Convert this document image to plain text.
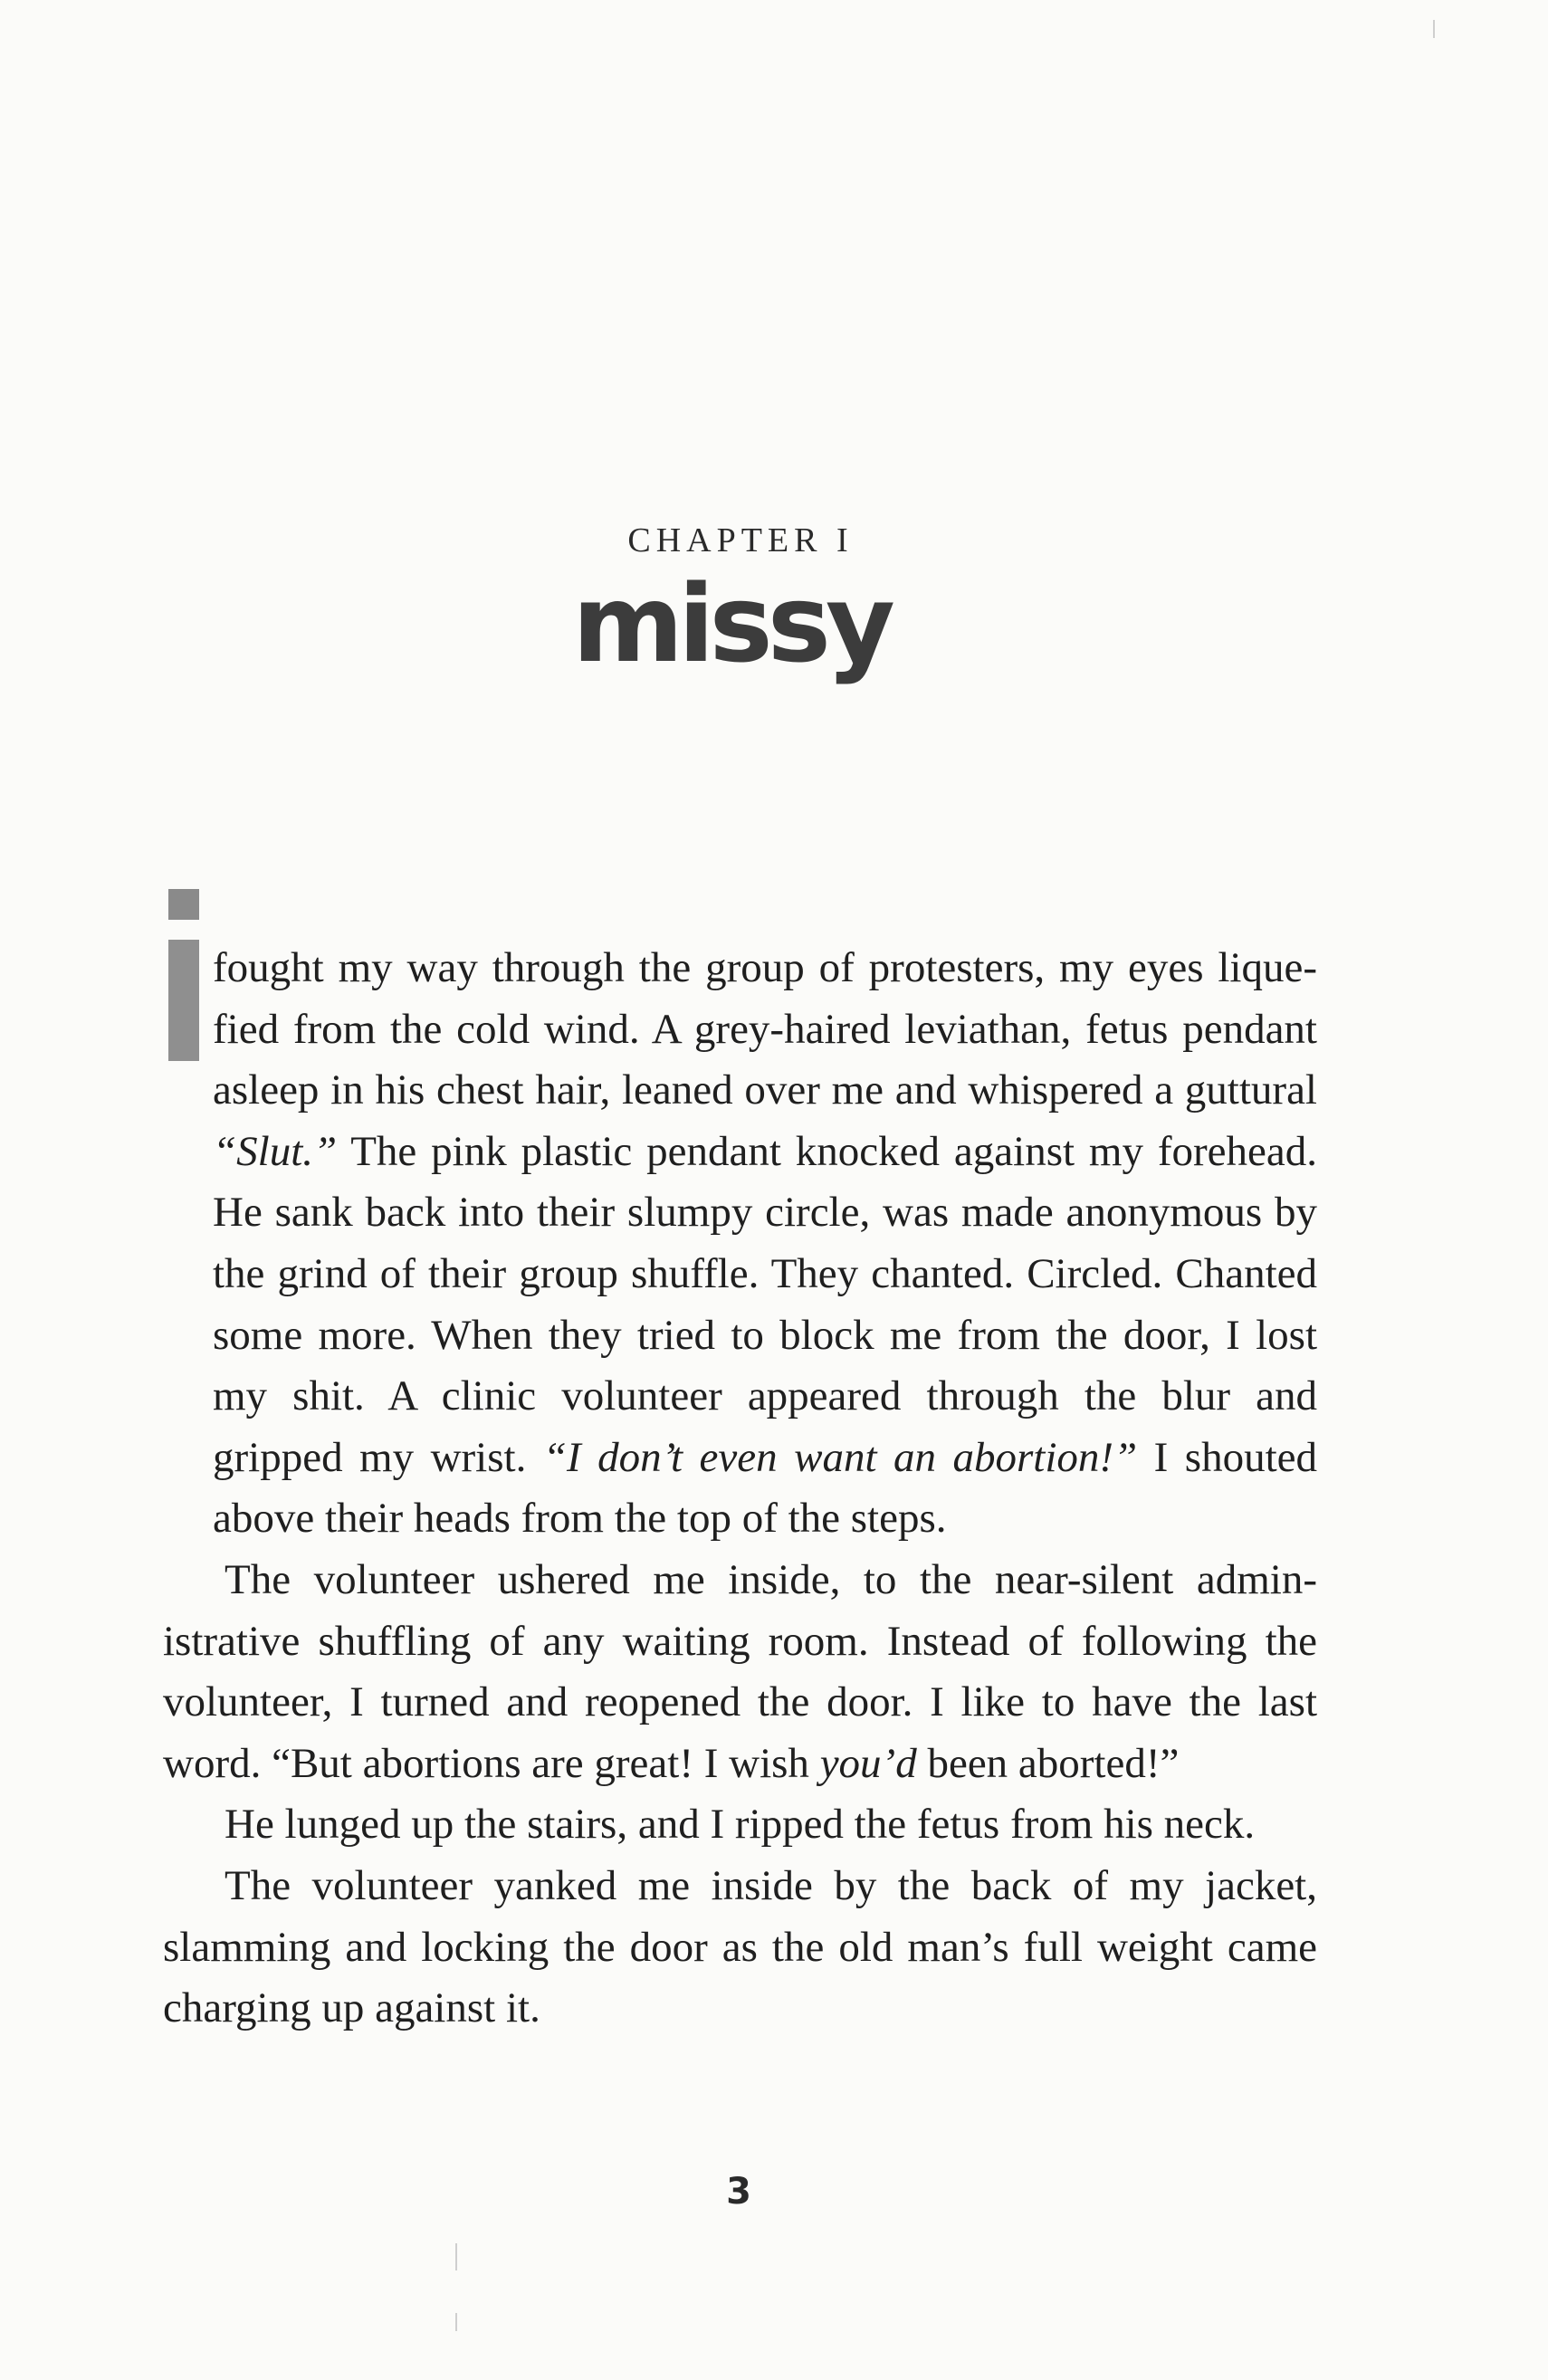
CHAPTER I
missy

fought my way through the group of protesters, my eyes lique- fied from the cold wind. A grey-haired leviathan, fetus pendant asleep in his chest hair, leaned over me and whispered a guttural “Slut.” The pink plastic pendant knocked against my forehead. He sank back into their slumpy circle, was made anonymous by the grind of their group shuffle. They chanted. Circled. Chanted some more. When they tried to block me from the door, I lost my shit. A clinic volunteer appeared through the blur and gripped my wrist. “I don’t even want an abortion!” I shouted above their heads from the top of the steps.

The volunteer ushered me inside, to the near-silent admin- istrative shuffling of any waiting room. Instead of following the volunteer, I turned and reopened the door. I like to have the last word. “But abortions are great! I wish you’d been aborted!”

He lunged up the stairs, and I ripped the fetus from his neck.

The volunteer yanked me inside by the back of my jacket, slamming and locking the door as the old man’s full weight came charging up against it.

3
